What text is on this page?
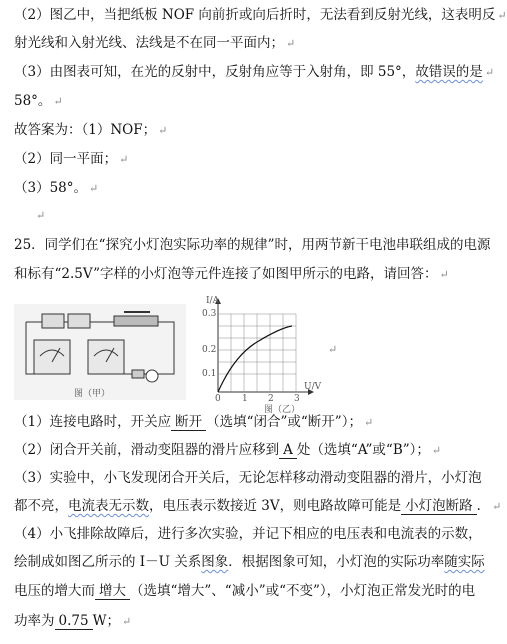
（2）图乙中，当把纸板 NOF 向前折或向后折时，无法看到反射光线，这表明反 ↵
射光线和入射光线、法线是不在同一平面内； ↵
（3）由图表可知，在光的反射中，反射角应等于入射角，即 55°，故错误的是 ↵
58°。 ↵
故答案为：（1）NOF； ↵
（2）同一平面； ↵
（3）58°。 ↵
↵
25．同学们在“探究小灯泡实际功率的规律”时，用两节新干电池串联组成的电源
和标有“2.5V”字样的小灯泡等元件连接了如图甲所示的电路，请回答： ↵
图（甲）
I/A
0.3
0.2
0.1
0 1 2 3
U/V
图（乙）
↵
（1）连接电路时，开关应 断开 （选填“闭合”或“断开”）； ↵
（2）闭合开关前，滑动变阻器的滑片应移到 A 处（选填“A”或“B”）； ↵
（3）实验中，小飞发现闭合开关后，无论怎样移动滑动变阻器的滑片，小灯泡
都不亮，电流表无示数，电压表示数接近 3V，则电路故障可能是 小灯泡断路 ． ↵
（4）小飞排除故障后，进行多次实验，并记下相应的电压表和电流表的示数，
绘制成如图乙所示的 I－U 关系图象．根据图象可知，小灯泡的实际功率随实际
电压的增大而 增大 （选填“增大”、“减小”或“不变”），小灯泡正常发光时的电
功率为 0.75 W； ↵
